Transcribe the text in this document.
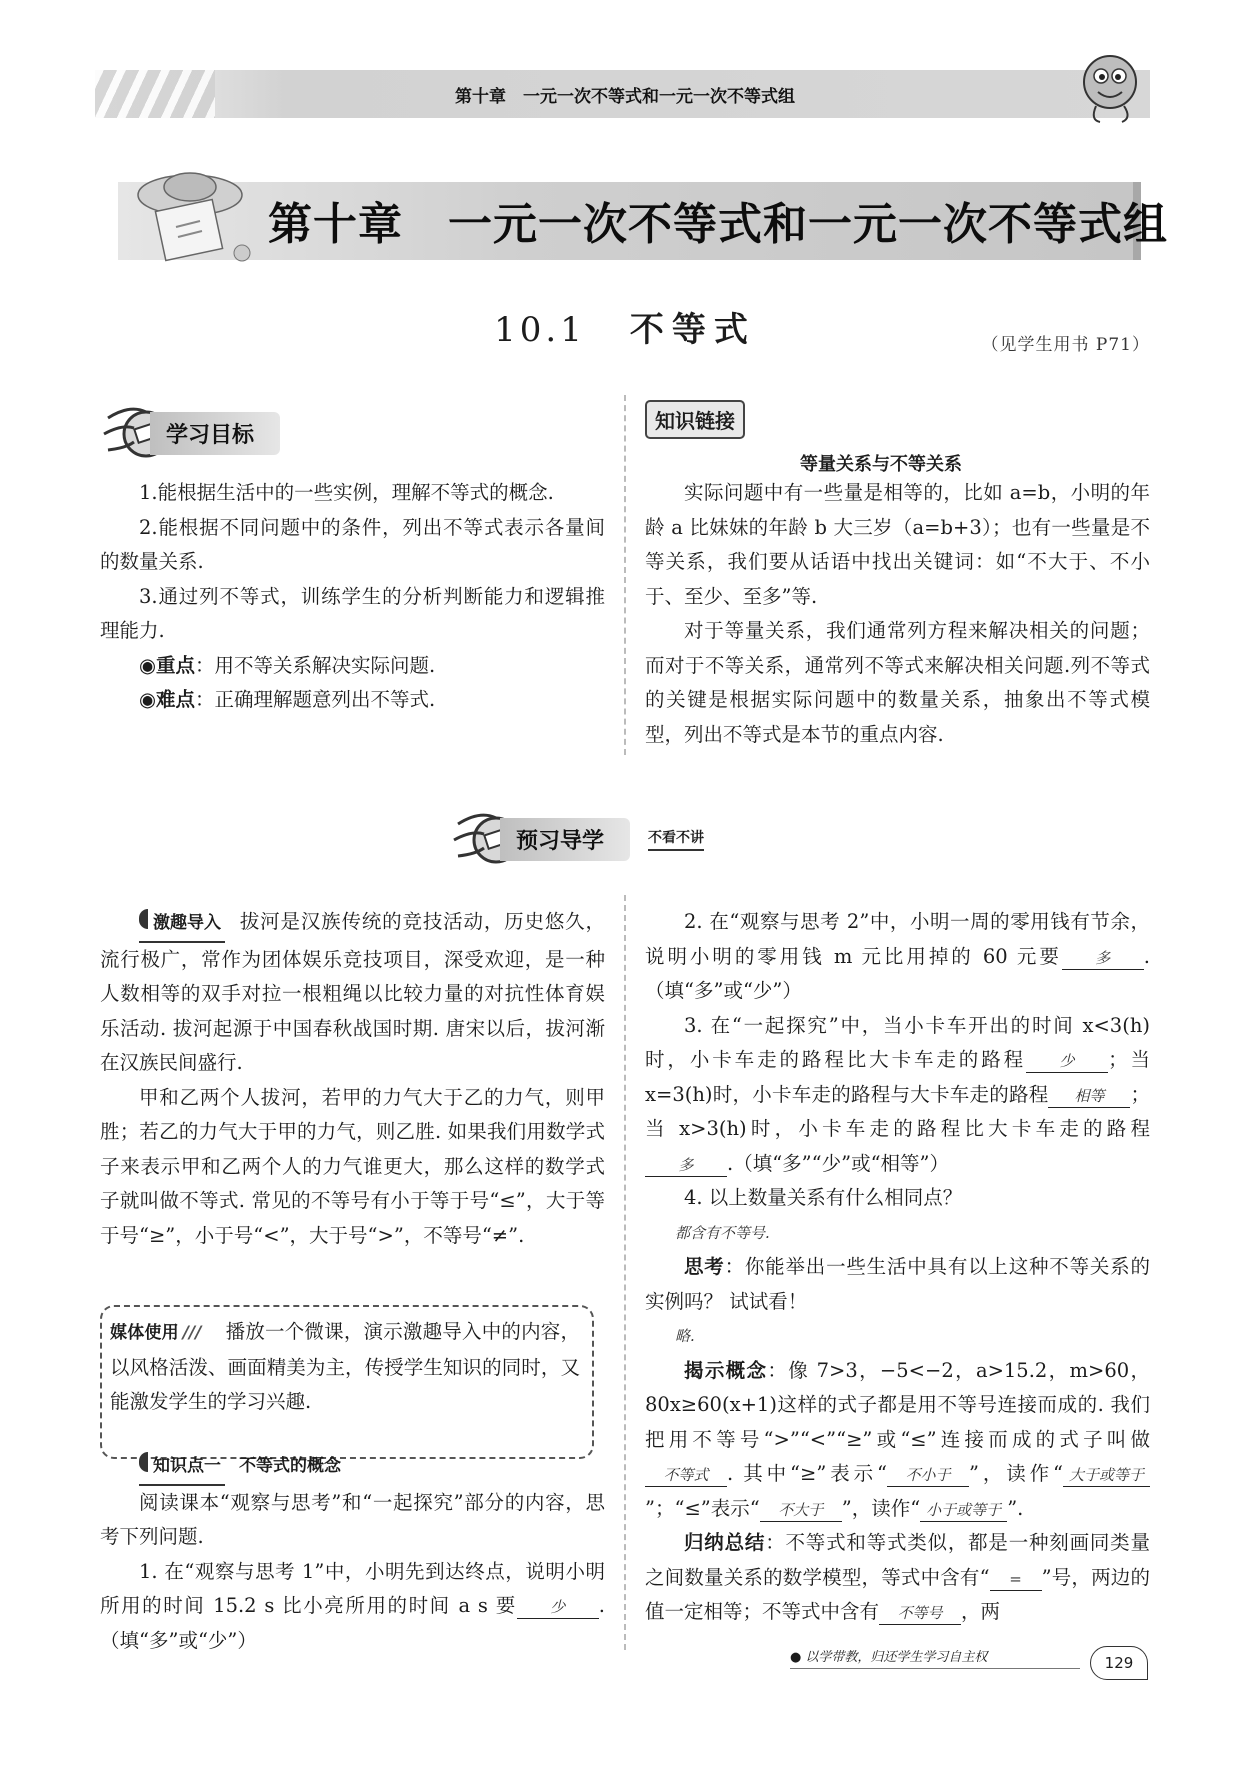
第十章　一元一次不等式和一元一次不等式组
第十章　一元一次不等式和一元一次不等式组
10.1 不等式	（见学生用书 P71）
学习目标

1.能根据生活中的一些实例，理解不等式的概念.

2.能根据不同问题中的条件，列出不等式表示各量间的数量关系.

3.通过列不等式，训练学生的分析判断能力和逻辑推理能力.

◉重点：用不等关系解决实际问题.

◉难点：正确理解题意列出不等式.

知识链接
等量关系与不等关系

实际问题中有一些量是相等的，比如 a=b，小明的年龄 a 比妹妹的年龄 b 大三岁（a=b+3）；也有一些量是不等关系，我们要从话语中找出关键词：如“不大于、不小于、至少、至多”等.

对于等量关系，我们通常列方程来解决相关的问题；而对于不等关系，通常列不等式来解决相关问题.列不等式的关键是根据实际问题中的数量关系，抽象出不等式模型，列出不等式是本节的重点内容.

预习导学	不看不讲

激趣导入 拔河是汉族传统的竞技活动，历史悠久，流行极广，常作为团体娱乐竞技项目，深受欢迎，是一种人数相等的双手对拉一根粗绳以比较力量的对抗性体育娱乐活动. 拔河起源于中国春秋战国时期. 唐宋以后，拔河渐在汉族民间盛行.

甲和乙两个人拔河，若甲的力气大于乙的力气，则甲胜；若乙的力气大于甲的力气，则乙胜. 如果我们用数学式子来表示甲和乙两个人的力气谁更大，那么这样的数学式子就叫做不等式. 常见的不等号有小于等于号“≤”，大于等于号“≥”，小于号“<”，大于号“>”，不等号“≠”.

媒体使用 /// 播放一个微课，演示激趣导入中的内容，以风格活泼、画面精美为主，传授学生知识的同时，又能激发学生的学习兴趣.

知识点一 不等式的概念

阅读课本“观察与思考”和“一起探究”部分的内容，思考下列问题.

1. 在“观察与思考 1”中，小明先到达终点，说明小明所用的时间 15.2 s 比小亮所用的时间 a s 要 少 .（填“多”或“少”）

2. 在“观察与思考 2”中，小明一周的零用钱有节余，说明小明的零用钱 m 元比用掉的 60 元要 多 .（填“多”或“少”）

3. 在“一起探究”中，当小卡车开出的时间 x<3(h)时，小卡车走的路程比大卡车走的路程 少 ；当 x=3(h)时，小卡车走的路程与大卡车走的路程 相等 ；当 x>3(h)时，小卡车走的路程比大卡车走的路程多 .（填“多”“少”或“相等”）

4. 以上数量关系有什么相同点？

都含有不等号.

思考：你能举出一些生活中具有以上这种不等关系的实例吗？ 试试看！

略.

揭示概念：像 7>3，−5<−2，a>15.2，m>60，80x≥60(x+1)这样的式子都是用不等号连接而成的. 我们把用不等号“>”“<”“≥”或“≤”连接而成的式子叫做不等式 . 其中“≥”表示“ 不小于 ”，读作“ 大于或等于”；“≤”表示“ 不大于 ”，读作“ 小于或等于 ”.

归纳总结：不等式和等式类似，都是一种刻画同类量之间数量关系的数学模型，等式中含有“ = ”号，两边的值一定相等；不等式中含有 不等号 ，两

● 以学带教，归还学生学习自主权	129
